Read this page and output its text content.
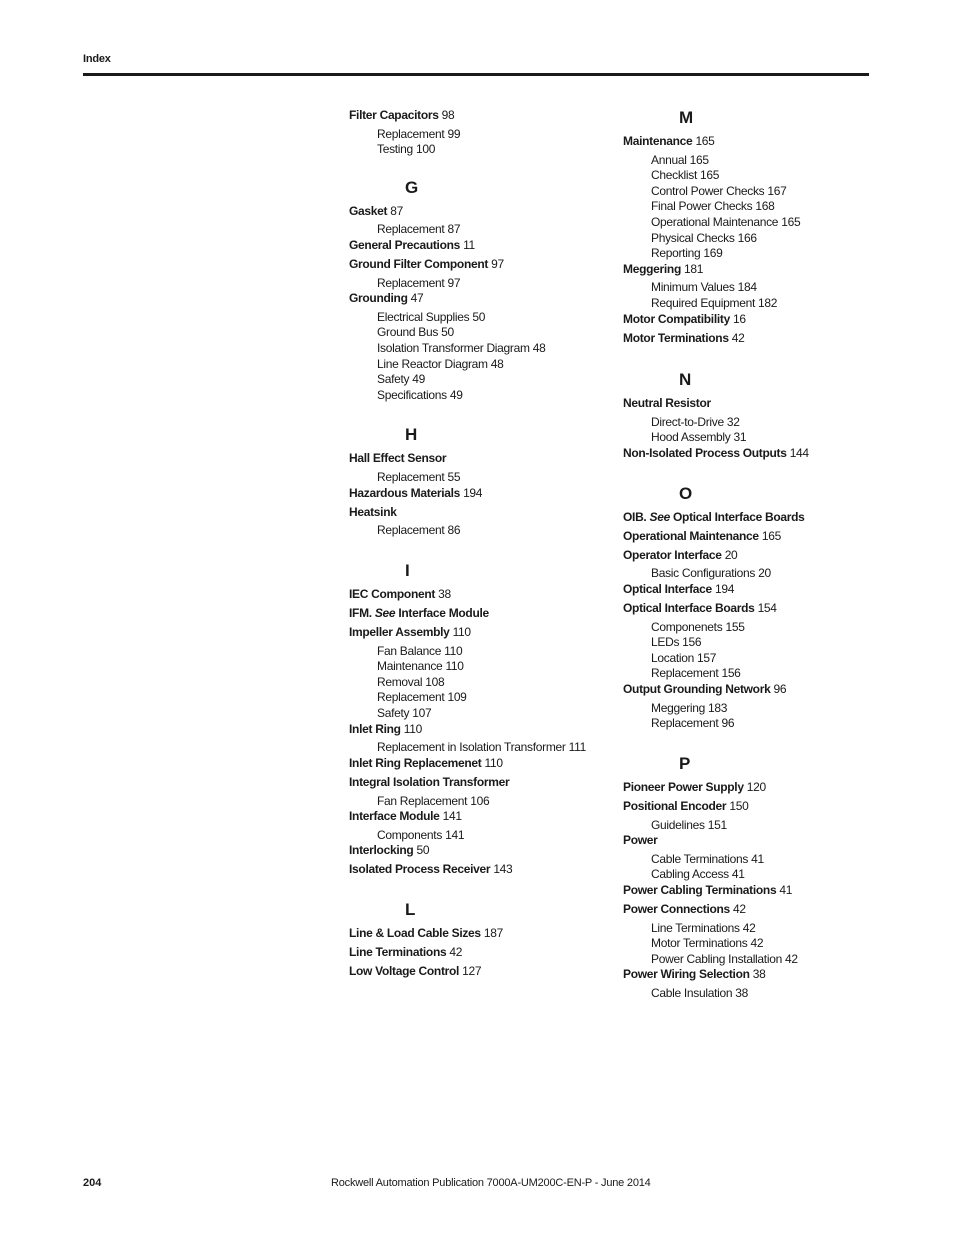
Index
Filter Capacitors 98
Replacement 99
Testing 100
G
Gasket 87
Replacement 87
General Precautions 11
Ground Filter Component 97
Replacement 97
Grounding 47
Electrical Supplies 50
Ground Bus 50
Isolation Transformer Diagram 48
Line Reactor Diagram 48
Safety 49
Specifications 49
H
Hall Effect Sensor
Replacement 55
Hazardous Materials 194
Heatsink
Replacement 86
I
IEC Component 38
IFM. See Interface Module
Impeller Assembly 110
Fan Balance 110
Maintenance 110
Removal 108
Replacement 109
Safety 107
Inlet Ring 110
Replacement in Isolation Transformer 111
Inlet Ring Replacemenet 110
Integral Isolation Transformer
Fan Replacement 106
Interface Module 141
Components 141
Interlocking 50
Isolated Process Receiver 143
L
Line & Load Cable Sizes 187
Line Terminations 42
Low Voltage Control 127
M
Maintenance 165
Annual 165
Checklist 165
Control Power Checks 167
Final Power Checks 168
Operational Maintenance 165
Physical Checks 166
Reporting 169
Meggering 181
Minimum Values 184
Required Equipment 182
Motor Compatibility 16
Motor Terminations 42
N
Neutral Resistor
Direct-to-Drive 32
Hood Assembly 31
Non-Isolated Process Outputs 144
O
OIB. See Optical Interface Boards
Operational Maintenance 165
Operator Interface 20
Basic Configurations 20
Optical Interface 194
Optical Interface Boards 154
Componenets 155
LEDs 156
Location 157
Replacement 156
Output Grounding Network 96
Meggering 183
Replacement 96
P
Pioneer Power Supply 120
Positional Encoder 150
Guidelines 151
Power
Cable Terminations 41
Cabling Access 41
Power Cabling Terminations 41
Power Connections 42
Line Terminations 42
Motor Terminations 42
Power Cabling Installation 42
Power Wiring Selection 38
Cable Insulation 38
204	Rockwell Automation Publication 7000A-UM200C-EN-P - June 2014
